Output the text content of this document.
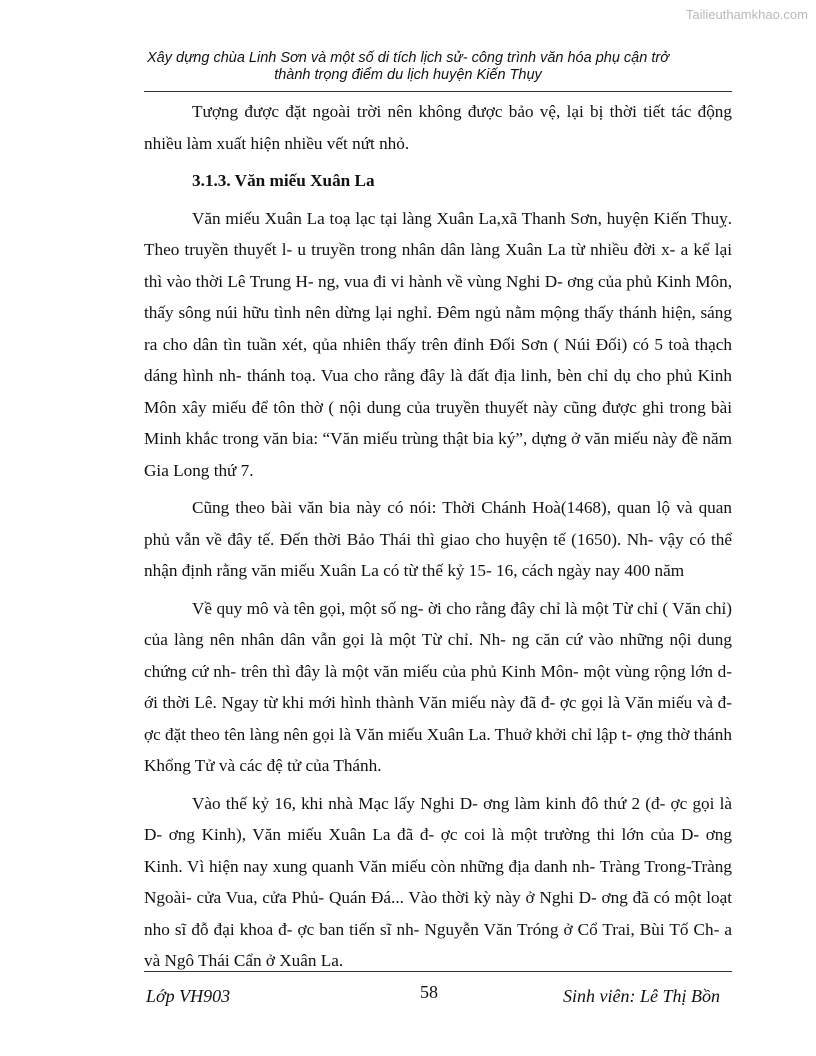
Tailieuthamkhao.com
Xây dựng chùa Linh Sơn và một số di tích lịch sử- công trình văn hóa phụ cận trở
thành trọng điểm du lịch huyện Kiến Thụy

Tượng được đặt ngoài trời nên không được bảo vệ, lại bị thời tiết tác động nhiều làm xuất hiện nhiều vết nứt nhỏ.

3.1.3. Văn miếu Xuân La

Văn miếu Xuân La toạ lạc tại làng Xuân La,xã Thanh Sơn, huyện Kiến Thuỵ. Theo truyền thuyết l- u truyền trong nhân dân làng Xuân La từ nhiều đời x- a kể lại thì vào thời Lê Trung H- ng, vua đi vi hành về vùng Nghi D- ơng của phủ Kinh Môn, thấy sông núi hữu tình nên dừng lại nghỉ. Đêm ngủ nằm mộng thấy thánh hiện, sáng ra cho dân tìn tuần xét, qủa nhiên thấy trên đỉnh Đối Sơn ( Núi Đối) có 5 toà thạch dáng hình nh- thánh toạ. Vua cho rằng đây là đất địa linh, bèn chỉ dụ cho phủ Kinh Môn xây miếu để tôn thờ ( nội dung của truyền thuyết này cũng được ghi trong bài Minh khắc trong văn bia: “Văn miếu trùng thật bia ký”, dựng ở văn miếu này đề năm Gia Long thứ 7.

Cũng theo bài văn bia này có nói: Thời Chánh Hoà(1468), quan lộ và quan phủ vẫn về đây tế. Đến thời Bảo Thái thì giao cho huyện tế (1650). Nh- vậy có thể nhận định rằng văn miếu Xuân La có từ thế kỷ 15- 16, cách ngày nay 400 năm

Về quy mô và tên gọi, một số ng- ời cho rằng đây chỉ là một Từ chỉ ( Văn chỉ) của làng nên nhân dân vẫn gọi là một Từ chỉ. Nh- ng căn cứ vào những nội dung chứng cứ nh- trên thì đây là một văn miếu của phủ Kinh Môn- một vùng rộng lớn d- ới thời Lê. Ngay từ khi mới hình thành Văn miếu này đã đ- ợc gọi là Văn miếu và đ- ợc đặt theo tên làng nên gọi là Văn miếu Xuân La. Thuở khởi chỉ lập t- ợng thờ thánh Khổng Tử và các đệ tử của Thánh.

Vào thế kỷ 16, khi nhà Mạc lấy Nghi D- ơng làm kinh đô thứ 2 (đ- ợc gọi là D- ơng Kinh), Văn miếu Xuân La đã đ- ợc coi là một trường thi lớn của D- ơng Kinh. Vì hiện nay xung quanh Văn miếu còn những địa danh nh- Tràng Trong-Tràng Ngoài- cửa Vua, cửa Phủ- Quán Đá... Vào thời kỳ này ở Nghi D- ơng đã có một loạt nho sĩ đỗ đại khoa đ- ợc ban tiến sĩ nh- Nguyễn Văn Tróng ở Cổ Trai, Bùi Tố Ch- a và Ngô Thái Cẩn ở Xuân La.

Lớp VH903	58	Sinh viên: Lê Thị Bồn
